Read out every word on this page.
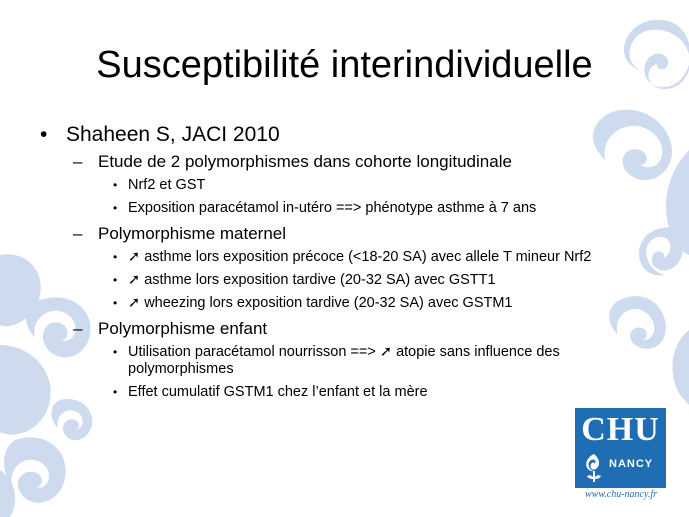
Susceptibilité interindividuelle
• Shaheen S, JACI 2010
– Etude de 2 polymorphismes dans cohorte longitudinale
• Nrf2 et GST
• Exposition paracétamol in-utéro ==> phénotype asthme à 7 ans
– Polymorphisme maternel
• ➚ asthme lors exposition précoce (<18-20 SA) avec allele T mineur Nrf2
• ➚ asthme lors exposition tardive (20-32 SA) avec GSTT1
• ➚ wheezing lors exposition tardive (20-32 SA) avec GSTM1
– Polymorphisme enfant
• Utilisation paracétamol nourrisson ==> ➚ atopie sans influence des polymorphismes
• Effet cumulatif GSTM1 chez l’enfant et la mère
CHU
NANCY
www.chu-nancy.fr
